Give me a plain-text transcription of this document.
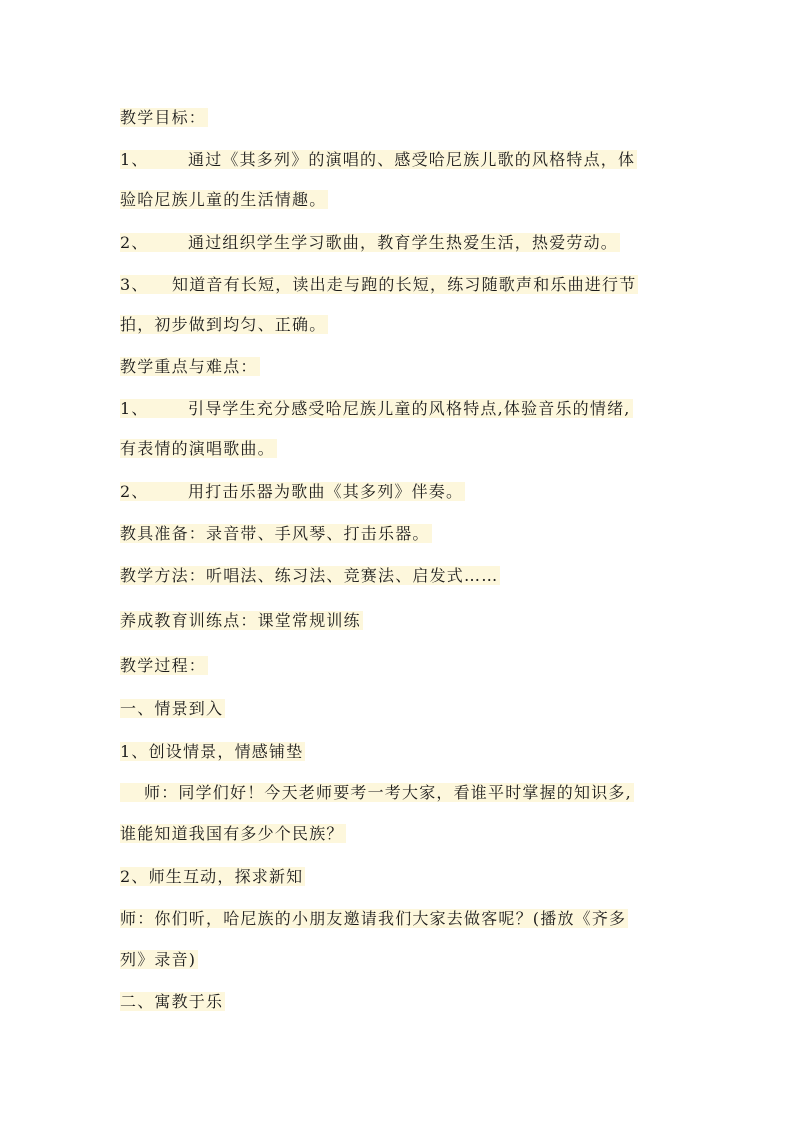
教学目标：
1、 通过《其多列》的演唱的、感受哈尼族儿歌的风格特点，体
验哈尼族儿童的生活情趣。
2、 通过组织学生学习歌曲，教育学生热爱生活，热爱劳动。
3、 知道音有长短，读出走与跑的长短，练习随歌声和乐曲进行节
拍，初步做到均匀、正确。
教学重点与难点：
1、 引导学生充分感受哈尼族儿童的风格特点,体验音乐的情绪,
有表情的演唱歌曲。
2、 用打击乐器为歌曲《其多列》伴奏。
教具准备：录音带、手风琴、打击乐器。
教学方法：听唱法、练习法、竞赛法、启发式……
养成教育训练点：课堂常规训练
教学过程：
一、情景到入
1、创设情景，情感铺垫
师：同学们好！今天老师要考一考大家，看谁平时掌握的知识多,
谁能知道我国有多少个民族？
2、师生互动，探求新知
师：你们听，哈尼族的小朋友邀请我们大家去做客呢？(播放《齐多
列》录音)
二、寓教于乐
